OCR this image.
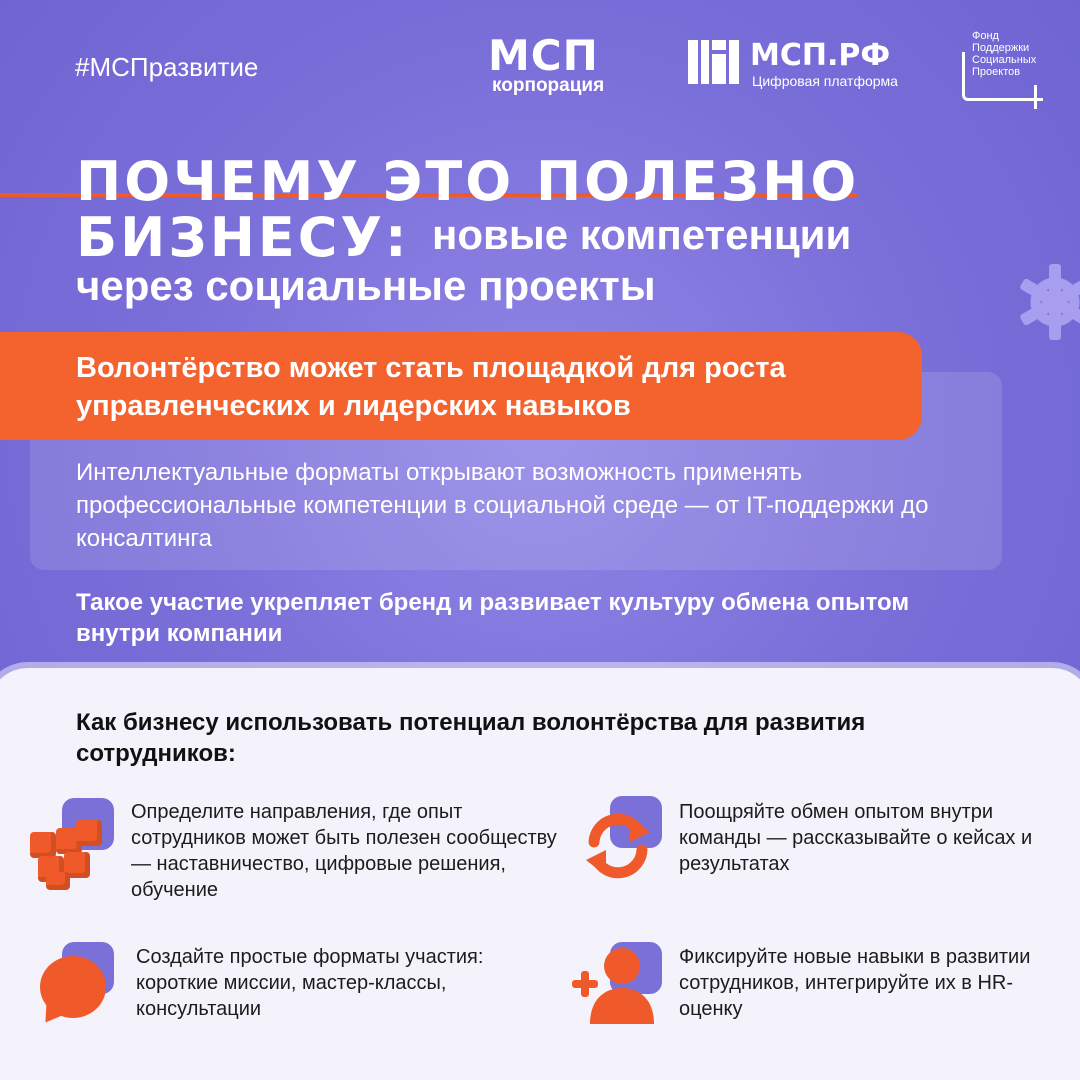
#МСПразвитие	МСП
корпорация
МСП.РФ
Цифровая платформа
Фонд
Поддержки
Социальных
Проектов
ПОЧЕМУ ЭТО ПОЛЕЗНО
БИЗНЕСУ: новые компетенции
через социальные проекты
Волонтёрство может стать площадкой для роста управленческих и лидерских навыков
Интеллектуальные форматы открывают возможность применять профессиональные компетенции в социальной среде — от IT-поддержки до консалтинга
Такое участие укрепляет бренд и развивает культуру обмена опытом внутри компании
Как бизнесу использовать потенциал волонтёрства для развития сотрудников:
Определите направления, где опыт сотрудников может быть полезен сообществу — наставничество, цифровые решения, обучение
Поощряйте обмен опытом внутри команды — рассказывайте о кейсах и результатах
Создайте простые форматы участия: короткие миссии, мастер-классы, консультации
Фиксируйте новые навыки в развитии сотрудников, интегрируйте их в HR-оценку
